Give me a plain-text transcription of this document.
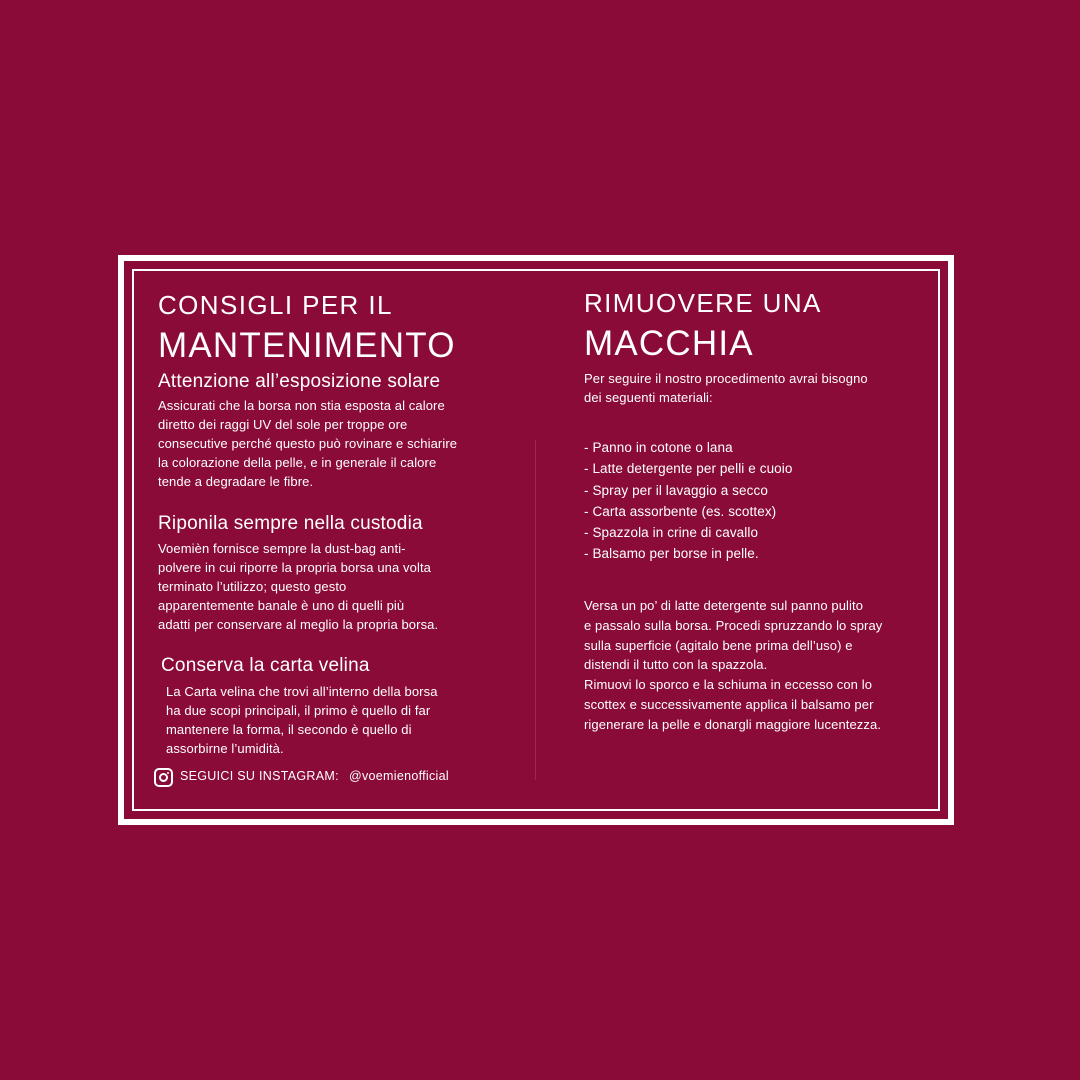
CONSIGLI PER IL
MANTENIMENTO
Attenzione all’esposizione solare
Assicurati che la borsa non stia esposta al calore
diretto dei raggi UV del sole per troppe ore
consecutive perché questo può rovinare e schiarire
la colorazione della pelle, e in generale il calore
tende a degradare le fibre.
Riponila sempre nella custodia
Voemièn fornisce sempre la dust-bag anti-
polvere in cui riporre la propria borsa una volta
terminato l’utilizzo; questo gesto
apparentemente banale è uno di quelli più
adatti per conservare al meglio la propria borsa.
Conserva la carta velina
La Carta velina che trovi all’interno della borsa
ha due scopi principali, il primo è quello di far
mantenere la forma, il secondo è quello di
assorbirne l’umidità.
SEGUICI SU INSTAGRAM: @voemienofficial
RIMUOVERE UNA
MACCHIA
Per seguire il nostro procedimento avrai bisogno
dei seguenti materiali:
- Panno in cotone o lana
- Latte detergente per pelli e cuoio
- Spray per il lavaggio a secco
- Carta assorbente (es. scottex)
- Spazzola in crine di cavallo
- Balsamo per borse in pelle.
Versa un po’ di latte detergente sul panno pulito
e passalo sulla borsa. Procedi spruzzando lo spray
sulla superficie (agitalo bene prima dell’uso) e
distendi il tutto con la spazzola.
Rimuovi lo sporco e la schiuma in eccesso con lo
scottex e successivamente applica il balsamo per
rigenerare la pelle e donargli maggiore lucentezza.
